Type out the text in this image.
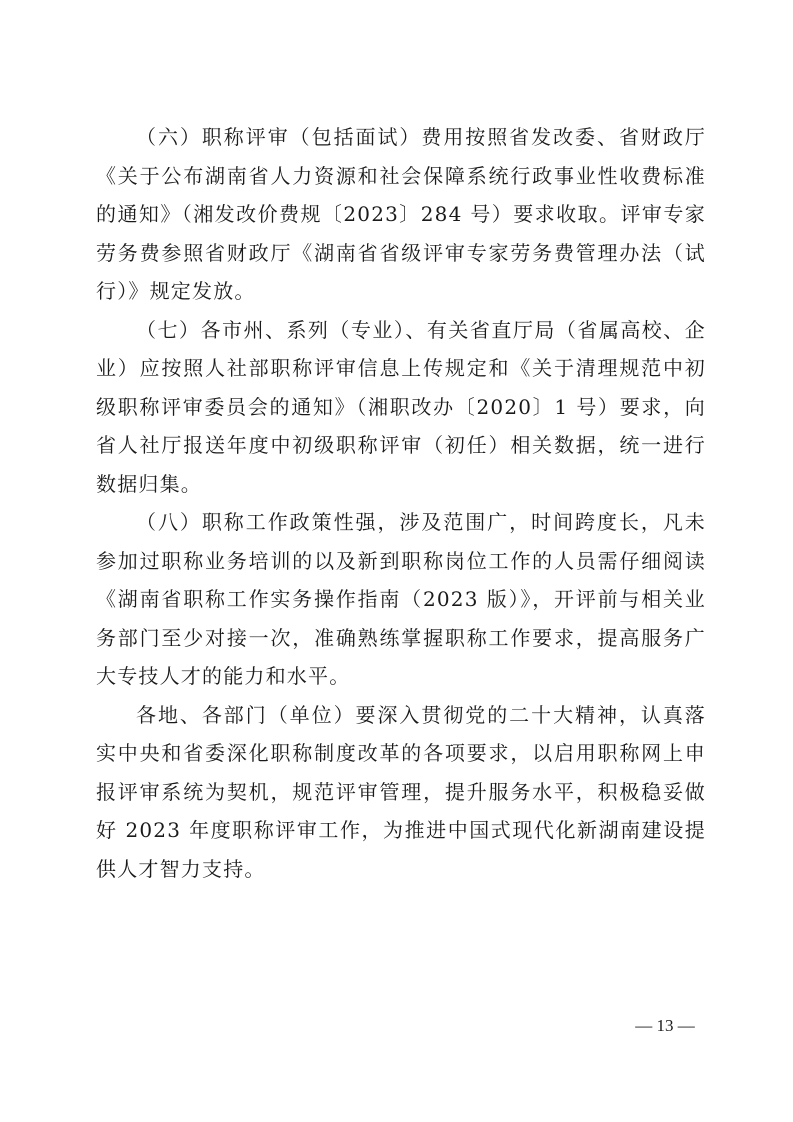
（六）职称评审（包括面试）费用按照省发改委、省财政厅《关于公布湖南省人力资源和社会保障系统行政事业性收费标准的通知》（湘发改价费规〔2023〕284 号）要求收取。评审专家劳务费参照省财政厅《湖南省省级评审专家劳务费管理办法（试行）》规定发放。

（七）各市州、系列（专业）、有关省直厅局（省属高校、企业）应按照人社部职称评审信息上传规定和《关于清理规范中初级职称评审委员会的通知》（湘职改办〔2020〕1 号）要求，向省人社厅报送年度中初级职称评审（初任）相关数据，统一进行数据归集。

（八）职称工作政策性强，涉及范围广，时间跨度长，凡未参加过职称业务培训的以及新到职称岗位工作的人员需仔细阅读《湖南省职称工作实务操作指南（2023 版）》，开评前与相关业务部门至少对接一次，准确熟练掌握职称工作要求，提高服务广大专技人才的能力和水平。

各地、各部门（单位）要深入贯彻党的二十大精神，认真落实中央和省委深化职称制度改革的各项要求，以启用职称网上申报评审系统为契机，规范评审管理，提升服务水平，积极稳妥做好 2023 年度职称评审工作，为推进中国式现代化新湖南建设提供人才智力支持。

— 13 —
